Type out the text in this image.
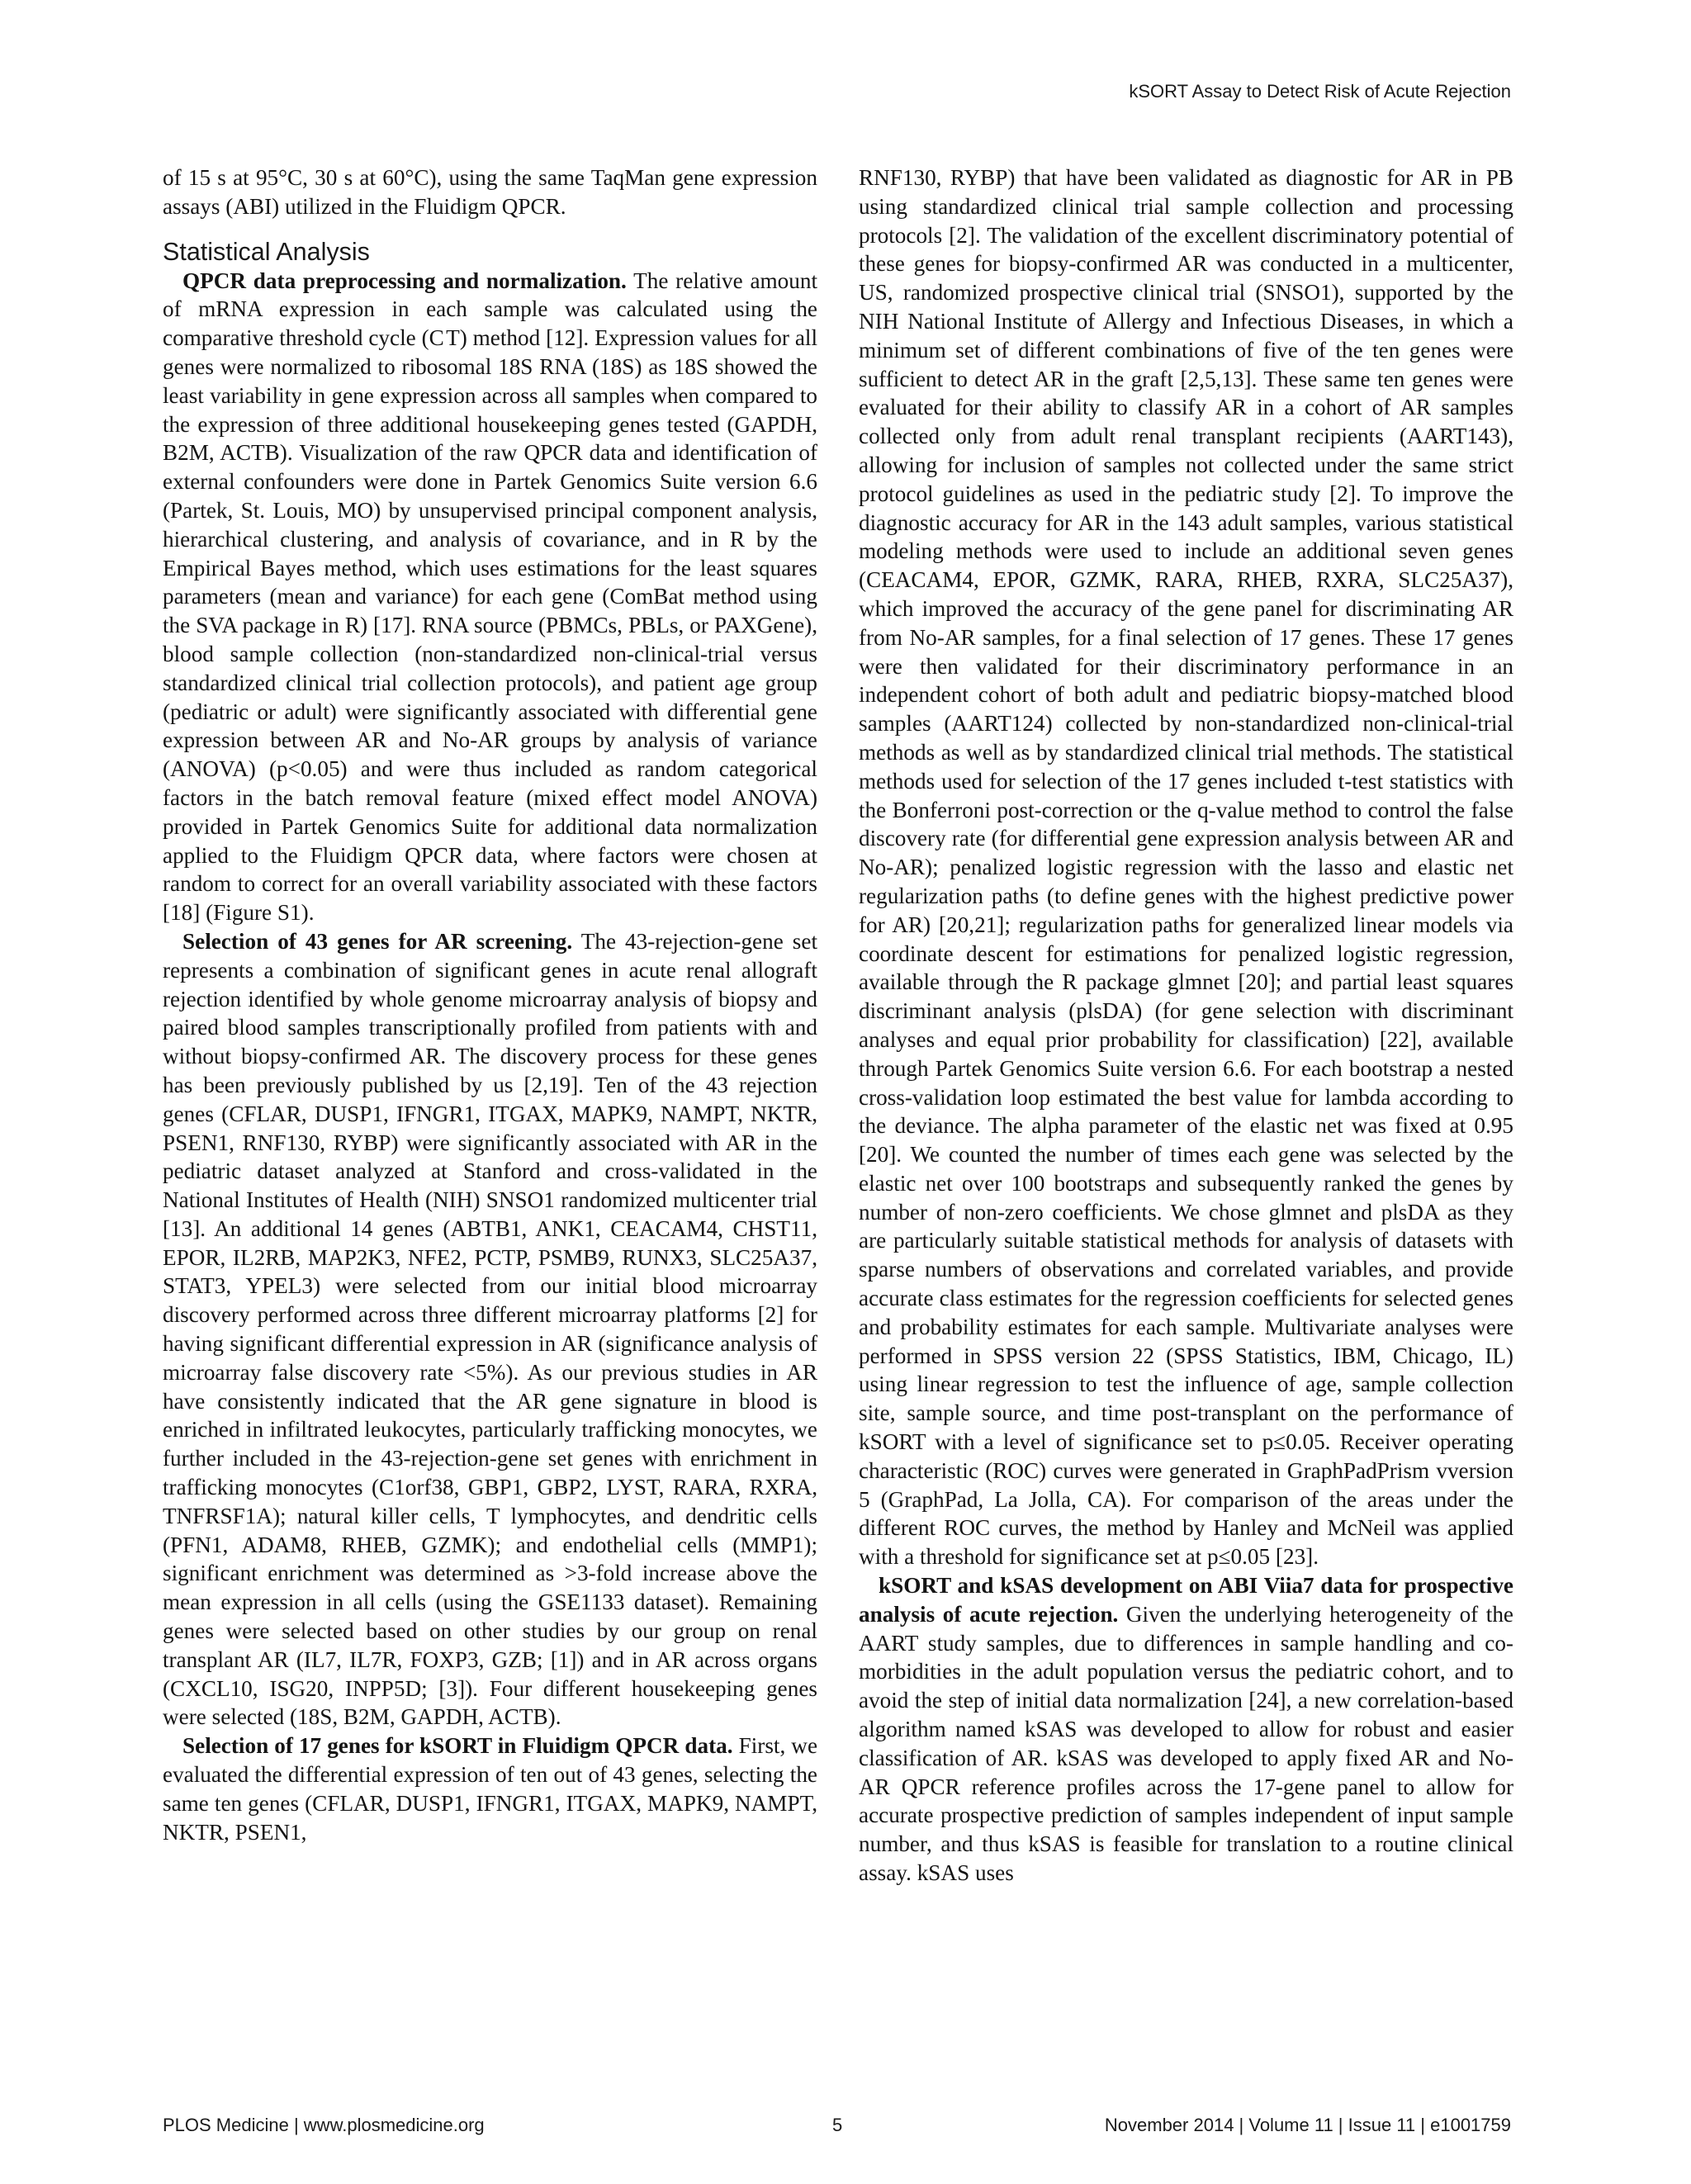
kSORT Assay to Detect Risk of Acute Rejection

of 15 s at 95°C, 30 s at 60°C), using the same TaqMan gene expression assays (ABI) utilized in the Fluidigm QPCR.

Statistical Analysis

QPCR data preprocessing and normalization. The relative amount of mRNA expression in each sample was calculated using the comparative threshold cycle (C T) method [12]. Expression values for all genes were normalized to ribosomal 18S RNA (18S) as 18S showed the least variability in gene expression across all samples when compared to the expression of three additional housekeeping genes tested (GAPDH, B2M, ACTB). Visualization of the raw QPCR data and identification of external confounders were done in Partek Genomics Suite version 6.6 (Partek, St. Louis, MO) by unsupervised principal component analysis, hierarchical clustering, and analysis of covariance, and in R by the Empirical Bayes method, which uses estimations for the least squares parameters (mean and variance) for each gene (ComBat method using the SVA package in R) [17]. RNA source (PBMCs, PBLs, or PAXGene), blood sample collection (non-standardized non-clinical-trial versus standardized clinical trial collection protocols), and patient age group (pediatric or adult) were significantly associated with differential gene expression between AR and No-AR groups by analysis of variance (ANOVA) (p<0.05) and were thus included as random categorical factors in the batch removal feature (mixed effect model ANOVA) provided in Partek Genomics Suite for additional data normalization applied to the Fluidigm QPCR data, where factors were chosen at random to correct for an overall variability associated with these factors [18] (Figure S1).

Selection of 43 genes for AR screening. The 43-rejection-gene set represents a combination of significant genes in acute renal allograft rejection identified by whole genome microarray analysis of biopsy and paired blood samples transcriptionally profiled from patients with and without biopsy-confirmed AR. The discovery process for these genes has been previously published by us [2,19]. Ten of the 43 rejection genes (CFLAR, DUSP1, IFNGR1, ITGAX, MAPK9, NAMPT, NKTR, PSEN1, RNF130, RYBP) were significantly associated with AR in the pediatric dataset analyzed at Stanford and cross-validated in the National Institutes of Health (NIH) SNSO1 randomized multicenter trial [13]. An additional 14 genes (ABTB1, ANK1, CEACAM4, CHST11, EPOR, IL2RB, MAP2K3, NFE2, PCTP, PSMB9, RUNX3, SLC25A37, STAT3, YPEL3) were selected from our initial blood microarray discovery performed across three different microarray platforms [2] for having significant differential expression in AR (significance analysis of microarray false discovery rate <5%). As our previous studies in AR have consistently indicated that the AR gene signature in blood is enriched in infiltrated leukocytes, particularly trafficking monocytes, we further included in the 43-rejection-gene set genes with enrichment in trafficking monocytes (C1orf38, GBP1, GBP2, LYST, RARA, RXRA, TNFRSF1A); natural killer cells, T lymphocytes, and dendritic cells (PFN1, ADAM8, RHEB, GZMK); and endothelial cells (MMP1); significant enrichment was determined as >3-fold increase above the mean expression in all cells (using the GSE1133 dataset). Remaining genes were selected based on other studies by our group on renal transplant AR (IL7, IL7R, FOXP3, GZB; [1]) and in AR across organs (CXCL10, ISG20, INPP5D; [3]). Four different housekeeping genes were selected (18S, B2M, GAPDH, ACTB).

Selection of 17 genes for kSORT in Fluidigm QPCR data. First, we evaluated the differential expression of ten out of 43 genes, selecting the same ten genes (CFLAR, DUSP1, IFNGR1, ITGAX, MAPK9, NAMPT, NKTR, PSEN1,

RNF130, RYBP) that have been validated as diagnostic for AR in PB using standardized clinical trial sample collection and processing protocols [2]. The validation of the excellent discriminatory potential of these genes for biopsy-confirmed AR was conducted in a multicenter, US, randomized prospective clinical trial (SNSO1), supported by the NIH National Institute of Allergy and Infectious Diseases, in which a minimum set of different combinations of five of the ten genes were sufficient to detect AR in the graft [2,5,13]. These same ten genes were evaluated for their ability to classify AR in a cohort of AR samples collected only from adult renal transplant recipients (AART143), allowing for inclusion of samples not collected under the same strict protocol guidelines as used in the pediatric study [2]. To improve the diagnostic accuracy for AR in the 143 adult samples, various statistical modeling methods were used to include an additional seven genes (CEACAM4, EPOR, GZMK, RARA, RHEB, RXRA, SLC25A37), which improved the accuracy of the gene panel for discriminating AR from No-AR samples, for a final selection of 17 genes. These 17 genes were then validated for their discriminatory performance in an independent cohort of both adult and pediatric biopsy-matched blood samples (AART124) collected by non-standardized non-clinical-trial methods as well as by standardized clinical trial methods. The statistical methods used for selection of the 17 genes included t-test statistics with the Bonferroni post-correction or the q-value method to control the false discovery rate (for differential gene expression analysis between AR and No-AR); penalized logistic regression with the lasso and elastic net regularization paths (to define genes with the highest predictive power for AR) [20,21]; regularization paths for generalized linear models via coordinate descent for estimations for penalized logistic regression, available through the R package glmnet [20]; and partial least squares discriminant analysis (plsDA) (for gene selection with discriminant analyses and equal prior probability for classification) [22], available through Partek Genomics Suite version 6.6. For each bootstrap a nested cross-validation loop estimated the best value for lambda according to the deviance. The alpha parameter of the elastic net was fixed at 0.95 [20]. We counted the number of times each gene was selected by the elastic net over 100 bootstraps and subsequently ranked the genes by number of non-zero coefficients. We chose glmnet and plsDA as they are particularly suitable statistical methods for analysis of datasets with sparse numbers of observations and correlated variables, and provide accurate class estimates for the regression coefficients for selected genes and probability estimates for each sample. Multivariate analyses were performed in SPSS version 22 (SPSS Statistics, IBM, Chicago, IL) using linear regression to test the influence of age, sample collection site, sample source, and time post-transplant on the performance of kSORT with a level of significance set to p≤0.05. Receiver operating characteristic (ROC) curves were generated in GraphPadPrism vversion 5 (GraphPad, La Jolla, CA). For comparison of the areas under the different ROC curves, the method by Hanley and McNeil was applied with a threshold for significance set at p≤0.05 [23].

kSORT and kSAS development on ABI Viia7 data for prospective analysis of acute rejection. Given the underlying heterogeneity of the AART study samples, due to differences in sample handling and co-morbidities in the adult population versus the pediatric cohort, and to avoid the step of initial data normalization [24], a new correlation-based algorithm named kSAS was developed to allow for robust and easier classification of AR. kSAS was developed to apply fixed AR and No-AR QPCR reference profiles across the 17-gene panel to allow for accurate prospective prediction of samples independent of input sample number, and thus kSAS is feasible for translation to a routine clinical assay. kSAS uses

PLOS Medicine | www.plosmedicine.org	5	November 2014 | Volume 11 | Issue 11 | e1001759
